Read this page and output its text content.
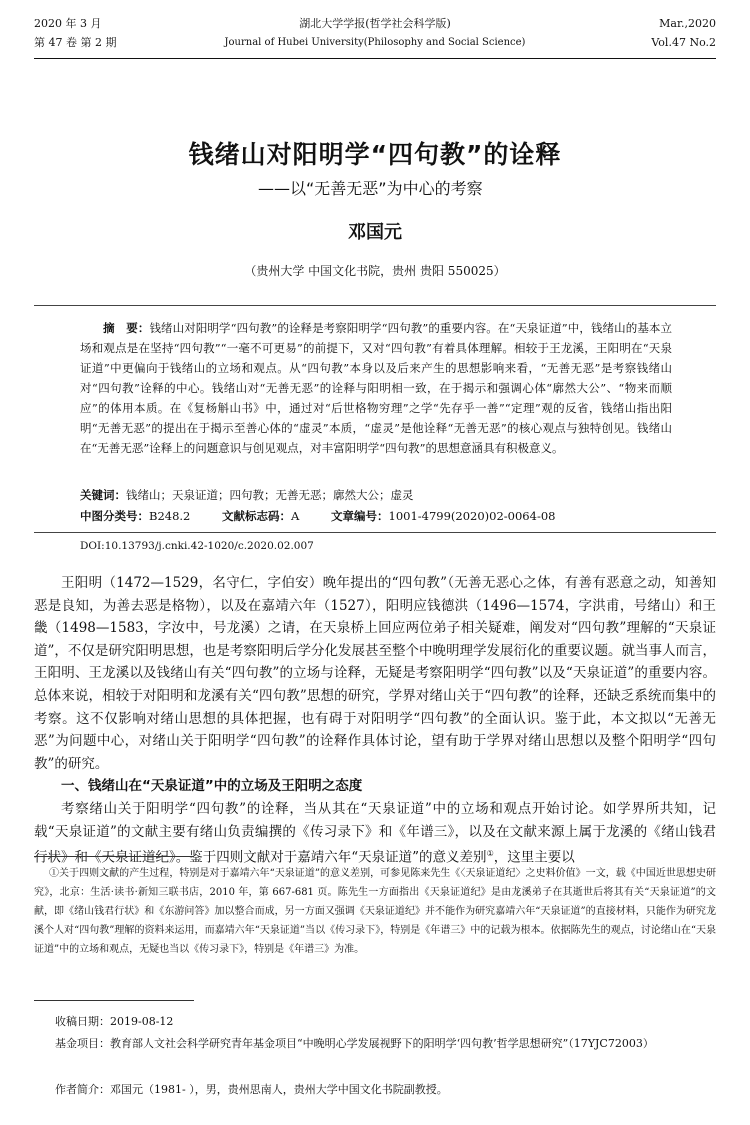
2020 年 3 月
第 47 卷 第 2 期
湖北大学学报(哲学社会科学版)
Journal of Hubei University(Philosophy and Social Science)
Mar.,2020
Vol.47 No.2
钱绪山对阳明学“四句教”的诠释
——以“无善无恶”为中心的考察
邓国元
（贵州大学 中国文化书院，贵州 贵阳 550025）
摘　要：钱绪山对阳明学“四句教”的诠释是考察阳明学“四句教”的重要内容。在“天泉证道”中，钱绪山的基本立场和观点是在坚持“四句教”“一毫不可更易”的前提下，又对“四句教”有着具体理解。相较于王龙溪，王阳明在“天泉证道”中更偏向于钱绪山的立场和观点。从“四句教”本身以及后来产生的思想影响来看，“无善无恶”是考察钱绪山对“四句教”诠释的中心。钱绪山对“无善无恶”的诠释与阳明相一致，在于揭示和强调心体“廓然大公”、“物来而顺应”的体用本质。在《复杨斛山书》中，通过对“后世格物穷理”之学“先存乎一善”“定理”观的反省，钱绪山指出阳明“无善无恶”的提出在于揭示至善心体的“虚灵”本质，“虚灵”是他诠释“无善无恶”的核心观点与独特创见。钱绪山在“无善无恶”诠释上的问题意识与创见观点，对丰富阳明学“四句教”的思想意涵具有积极意义。
关键词：钱绪山；天泉证道；四句教；无善无恶；廓然大公；虚灵
中图分类号：B248.2	文献标志码：A	文章编号：1001-4799(2020)02-0064-08
DOI:10.13793/j.cnki.42-1020/c.2020.02.007

王阳明（1472—1529，名守仁，字伯安）晚年提出的“四句教”（无善无恶心之体，有善有恶意之动，知善知恶是良知，为善去恶是格物），以及在嘉靖六年（1527），阳明应钱德洪（1496—1574，字洪甫，号绪山）和王畿（1498—1583，字汝中，号龙溪）之请，在天泉桥上回应两位弟子相关疑难，阐发对“四句教”理解的“天泉证道”，不仅是研究阳明思想，也是考察阳明后学分化发展甚至整个中晚明理学发展衍化的重要议题。就当事人而言，王阳明、王龙溪以及钱绪山有关“四句教”的立场与诠释，无疑是考察阳明学“四句教”以及“天泉证道”的重要内容。总体来说，相较于对阳明和龙溪有关“四句教”思想的研究，学界对绪山关于“四句教”的诠释，还缺乏系统而集中的考察。这不仅影响对绪山思想的具体把握，也有碍于对阳明学“四句教”的全面认识。鉴于此，本文拟以“无善无恶”为问题中心，对绪山关于阳明学“四句教”的诠释作具体讨论，望有助于学界对绪山思想以及整个阳明学“四句教”的研究。

一、钱绪山在“天泉证道”中的立场及王阳明之态度

考察绪山关于阳明学“四句教”的诠释，当从其在“天泉证道”中的立场和观点开始讨论。如学界所共知，记载“天泉证道”的文献主要有绪山负责编撰的《传习录下》和《年谱三》，以及在文献来源上属于龙溪的《绪山钱君行状》和《天泉证道纪》。鉴于四则文献对于嘉靖六年“天泉证道”的意义差别①，这里主要以

①关于四则文献的产生过程，特别是对于嘉靖六年“天泉证道”的意义差别，可参见陈来先生《〈天泉证道纪〉之史料价值》一文，载《中国近世思想史研究》，北京：生活·读书·新知三联书店，2010 年，第 667-681 页。陈先生一方面指出《天泉证道纪》是由龙溪弟子在其逝世后将其有关“天泉证道”的文献，即《绪山钱君行状》和《东游问答》加以整合而成，另一方面又强调《天泉证道纪》并不能作为研究嘉靖六年“天泉证道”的直接材料，只能作为研究龙溪个人对“四句教”理解的资料来运用，而嘉靖六年“天泉证道”当以《传习录下》，特别是《年谱三》中的记载为根本。依据陈先生的观点，讨论绪山在“天泉证道”中的立场和观点，无疑也当以《传习录下》，特别是《年谱三》为准。
收稿日期：2019-08-12
基金项目：教育部人文社会科学研究青年基金项目“中晚明心学发展视野下的阳明学‘四句教’哲学思想研究”（17YJC72003）
作者简介：邓国元（1981- ），男，贵州思南人，贵州大学中国文化书院副教授。
